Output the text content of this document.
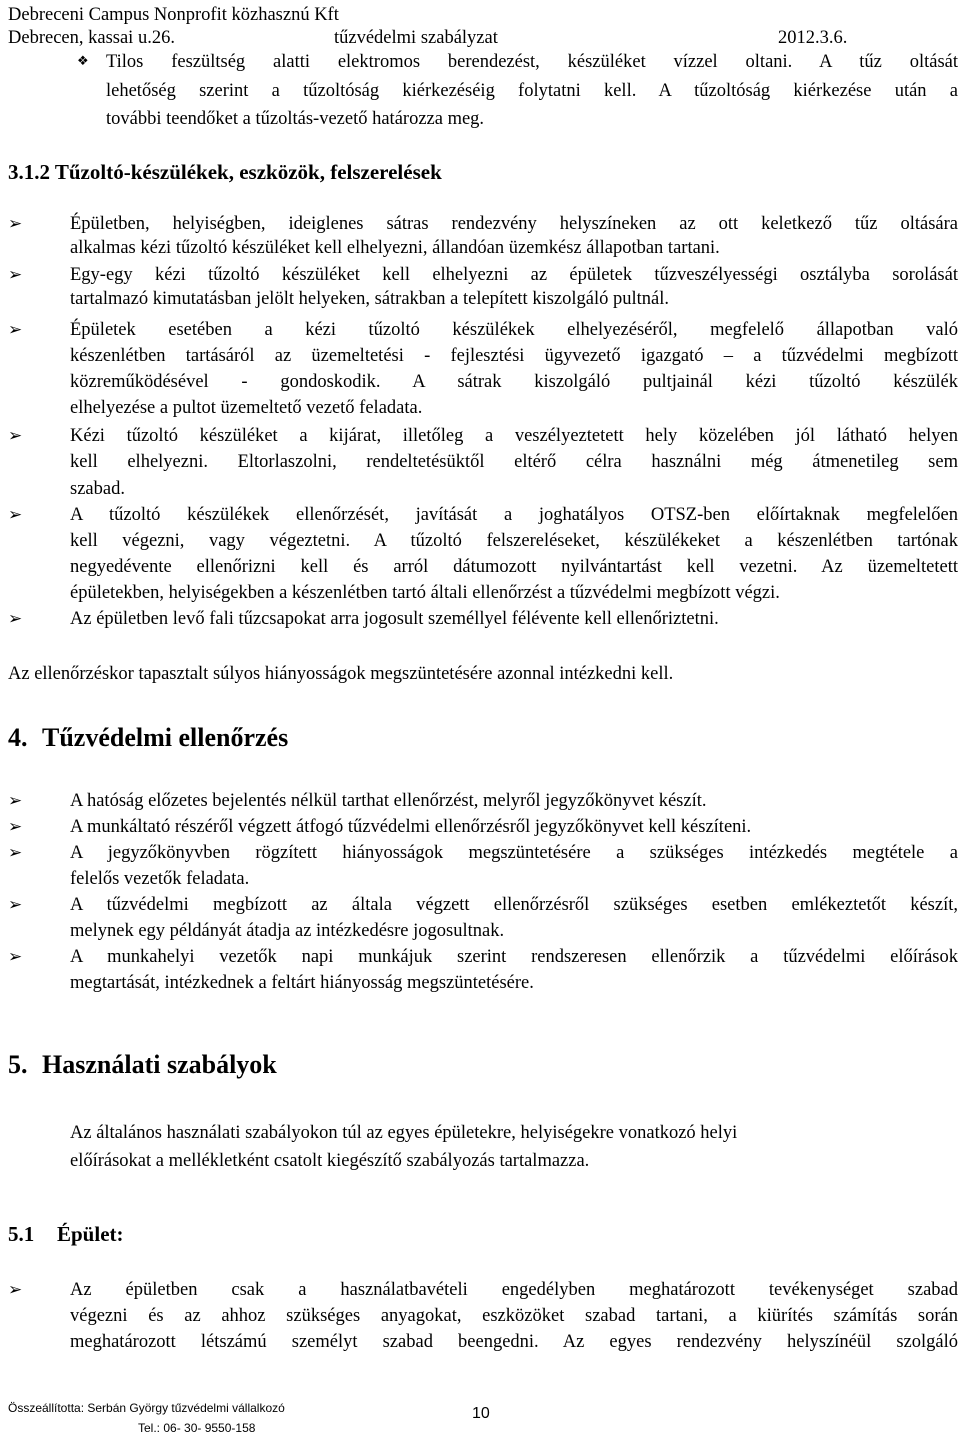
Debreceni Campus Nonprofit közhasznú Kft
Debrecen, kassai u.26.	tűzvédelmi szabályzat	2012.3.6.
❖ Tilos feszültség alatti elektromos berendezést, készüléket vízzel oltani. A tűz oltását
lehetőség szerint a tűzoltóság kiérkezéséig folytatni kell. A tűzoltóság kiérkezése után a
további teendőket a tűzoltás-vezető határozza meg.
3.1.2 Tűzoltó-készülékek, eszközök, felszerelések
➢	Épületben, helyiségben, ideiglenes sátras rendezvény helyszíneken az ott keletkező tűz oltására
alkalmas kézi tűzoltó készüléket kell elhelyezni, állandóan üzemkész állapotban tartani.
➢	Egy-egy kézi tűzoltó készüléket kell elhelyezni az épületek tűzveszélyességi osztályba sorolását
tartalmazó kimutatásban jelölt helyeken, sátrakban a telepített kiszolgáló pultnál.
➢	Épületek esetében a kézi tűzoltó készülékek elhelyezéséről, megfelelő állapotban való
készenlétben tartásáról az üzemeltetési - fejlesztési ügyvezető igazgató – a tűzvédelmi megbízott
közreműködésével - gondoskodik. A sátrak kiszolgáló pultjainál kézi tűzoltó készülék
elhelyezése a pultot üzemeltető vezető feladata.
➢	Kézi tűzoltó készüléket a kijárat, illetőleg a veszélyeztetett hely közelében jól látható helyen
kell elhelyezni. Eltorlaszolni, rendeltetésüktől eltérő célra használni még átmenetileg sem
szabad.
➢	A tűzoltó készülékek ellenőrzését, javítását a joghatályos OTSZ-ben előírtaknak megfelelően
kell végezni, vagy végeztetni. A tűzoltó felszereléseket, készülékeket a készenlétben tartónak
negyedévente ellenőrizni kell és arról dátumozott nyilvántartást kell vezetni. Az üzemeltetett
épületekben, helyiségekben a készenlétben tartó általi ellenőrzést a tűzvédelmi megbízott végzi.
➢	Az épületben levő fali tűzcsapokat arra jogosult személlyel félévente kell ellenőriztetni.
Az ellenőrzéskor tapasztalt súlyos hiányosságok megszüntetésére azonnal intézkedni kell.
4. Tűzvédelmi ellenőrzés
➢	A hatóság előzetes bejelentés nélkül tarthat ellenőrzést, melyről jegyzőkönyvet készít.
➢	A munkáltató részéről végzett átfogó tűzvédelmi ellenőrzésről jegyzőkönyvet kell készíteni.
➢	A jegyzőkönyvben rögzített hiányosságok megszüntetésére a szükséges intézkedés megtétele a
felelős vezetők feladata.
➢	A tűzvédelmi megbízott az általa végzett ellenőrzésről szükséges esetben emlékeztetőt készít,
melynek egy példányát átadja az intézkedésre jogosultnak.
➢	A munkahelyi vezetők napi munkájuk szerint rendszeresen ellenőrzik a tűzvédelmi előírások
megtartását, intézkednek a feltárt hiányosság megszüntetésére.
5. Használati szabályok
Az általános használati szabályokon túl az egyes épületekre, helyiségekre vonatkozó helyi
előírásokat a mellékletként csatolt kiegészítő szabályozás tartalmazza.
5.1 Épület:
➢	Az épületben csak a használatbavételi engedélyben meghatározott tevékenységet szabad
végezni és az ahhoz szükséges anyagokat, eszközöket szabad tartani, a kiürítés számítás során
meghatározott létszámú személyt szabad beengedni. Az egyes rendezvény helyszínéül szolgáló
Összeállította: Serbán György tűzvédelmi vállalkozó
Tel.: 06- 30- 9550-158
10
